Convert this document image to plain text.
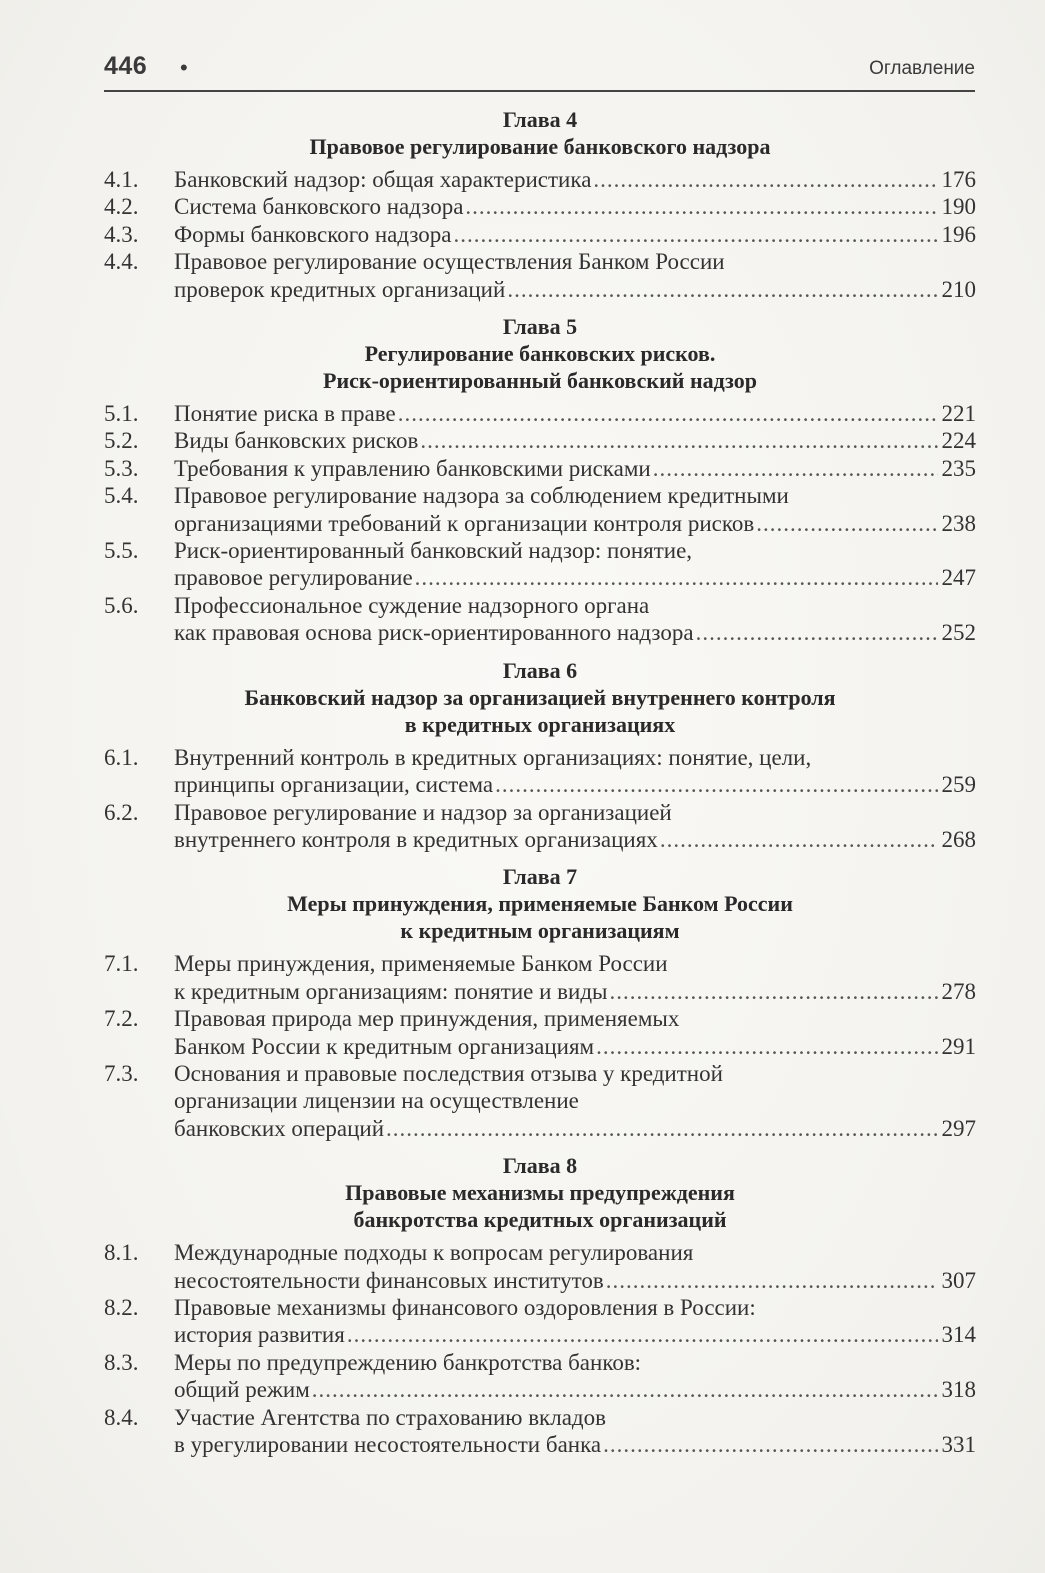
446 •	Оглавление
Глава 4
Правовое регулирование банковского надзора
4.1.	Банковский надзор: общая характеристика .....	176
4.2.	Система банковского надзора .....	190
4.3.	Формы банковского надзора .....	196
4.4.	Правовое регулирование осуществления Банком России
проверок кредитных организаций .....	210
Глава 5
Регулирование банковских рисков.
Риск-ориентированный банковский надзор
5.1.	Понятие риска в праве .....	221
5.2.	Виды банковских рисков .....	224
5.3.	Требования к управлению банковскими рисками .....	235
5.4.	Правовое регулирование надзора за соблюдением кредитными
организациями требований к организации контроля рисков .....	238
5.5.	Риск-ориентированный банковский надзор: понятие,
правовое регулирование .....	247
5.6.	Профессиональное суждение надзорного органа
как правовая основа риск-ориентированного надзора .....	252
Глава 6
Банковский надзор за организацией внутреннего контроля
в кредитных организациях
6.1.	Внутренний контроль в кредитных организациях: понятие, цели,
принципы организации, система .....	259
6.2.	Правовое регулирование и надзор за организацией
внутреннего контроля в кредитных организациях .....	268
Глава 7
Меры принуждения, применяемые Банком России
к кредитным организациям
7.1.	Меры принуждения, применяемые Банком России
к кредитным организациям: понятие и виды .....	278
7.2.	Правовая природа мер принуждения, применяемых
Банком России к кредитным организациям .....	291
7.3.	Основания и правовые последствия отзыва у кредитной
организации лицензии на осуществление
банковских операций .....	297
Глава 8
Правовые механизмы предупреждения
банкротства кредитных организаций
8.1.	Международные подходы к вопросам регулирования
несостоятельности финансовых институтов .....	307
8.2.	Правовые механизмы финансового оздоровления в России:
история развития .....	314
8.3.	Меры по предупреждению банкротства банков:
общий режим .....	318
8.4.	Участие Агентства по страхованию вкладов
в урегулировании несостоятельности банка .....	331
